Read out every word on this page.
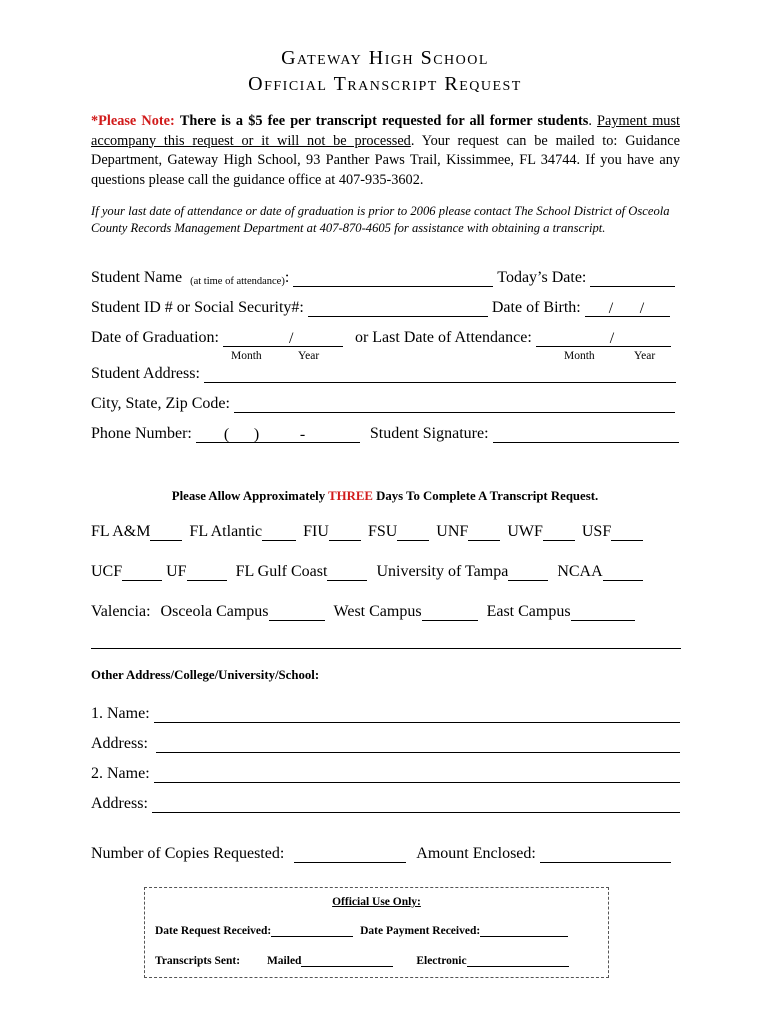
Gateway High School
Official Transcript Request
*Please Note: There is a $5 fee per transcript requested for all former students. Payment must accompany this request or it will not be processed. Your request can be mailed to: Guidance Department, Gateway High School, 93 Panther Paws Trail, Kissimmee, FL 34744. If you have any questions please call the guidance office at 407-935-3602.
If your last date of attendance or date of graduation is prior to 2006 please contact The School District of Osceola County Records Management Department at 407-870-4605 for assistance with obtaining a transcript.
Student Name (at time of attendance):	Today’s Date:
Student ID # or Social Security#:	Date of Birth: / /
Date of Graduation:	/	or Last Date of Attendance:	/
Month	Year	Month	Year
Student Address:
City, State, Zip Code:
Phone Number: ( )	-	Student Signature:
Please Allow Approximately THREE Days To Complete A Transcript Request.
FL A&M FL Atlantic	FIU FSU UNF UWF USF
UCF	UF	FL Gulf Coast	University of Tampa	NCAA
Valencia: Osceola Campus	West Campus	East Campus
Other Address/College/University/School:
1. Name:
Address:
2. Name:
Address:
Number of Copies Requested:	Amount Enclosed:
Official Use Only:
Date Request Received:	Date Payment Received:
Transcripts Sent: Mailed	Electronic
